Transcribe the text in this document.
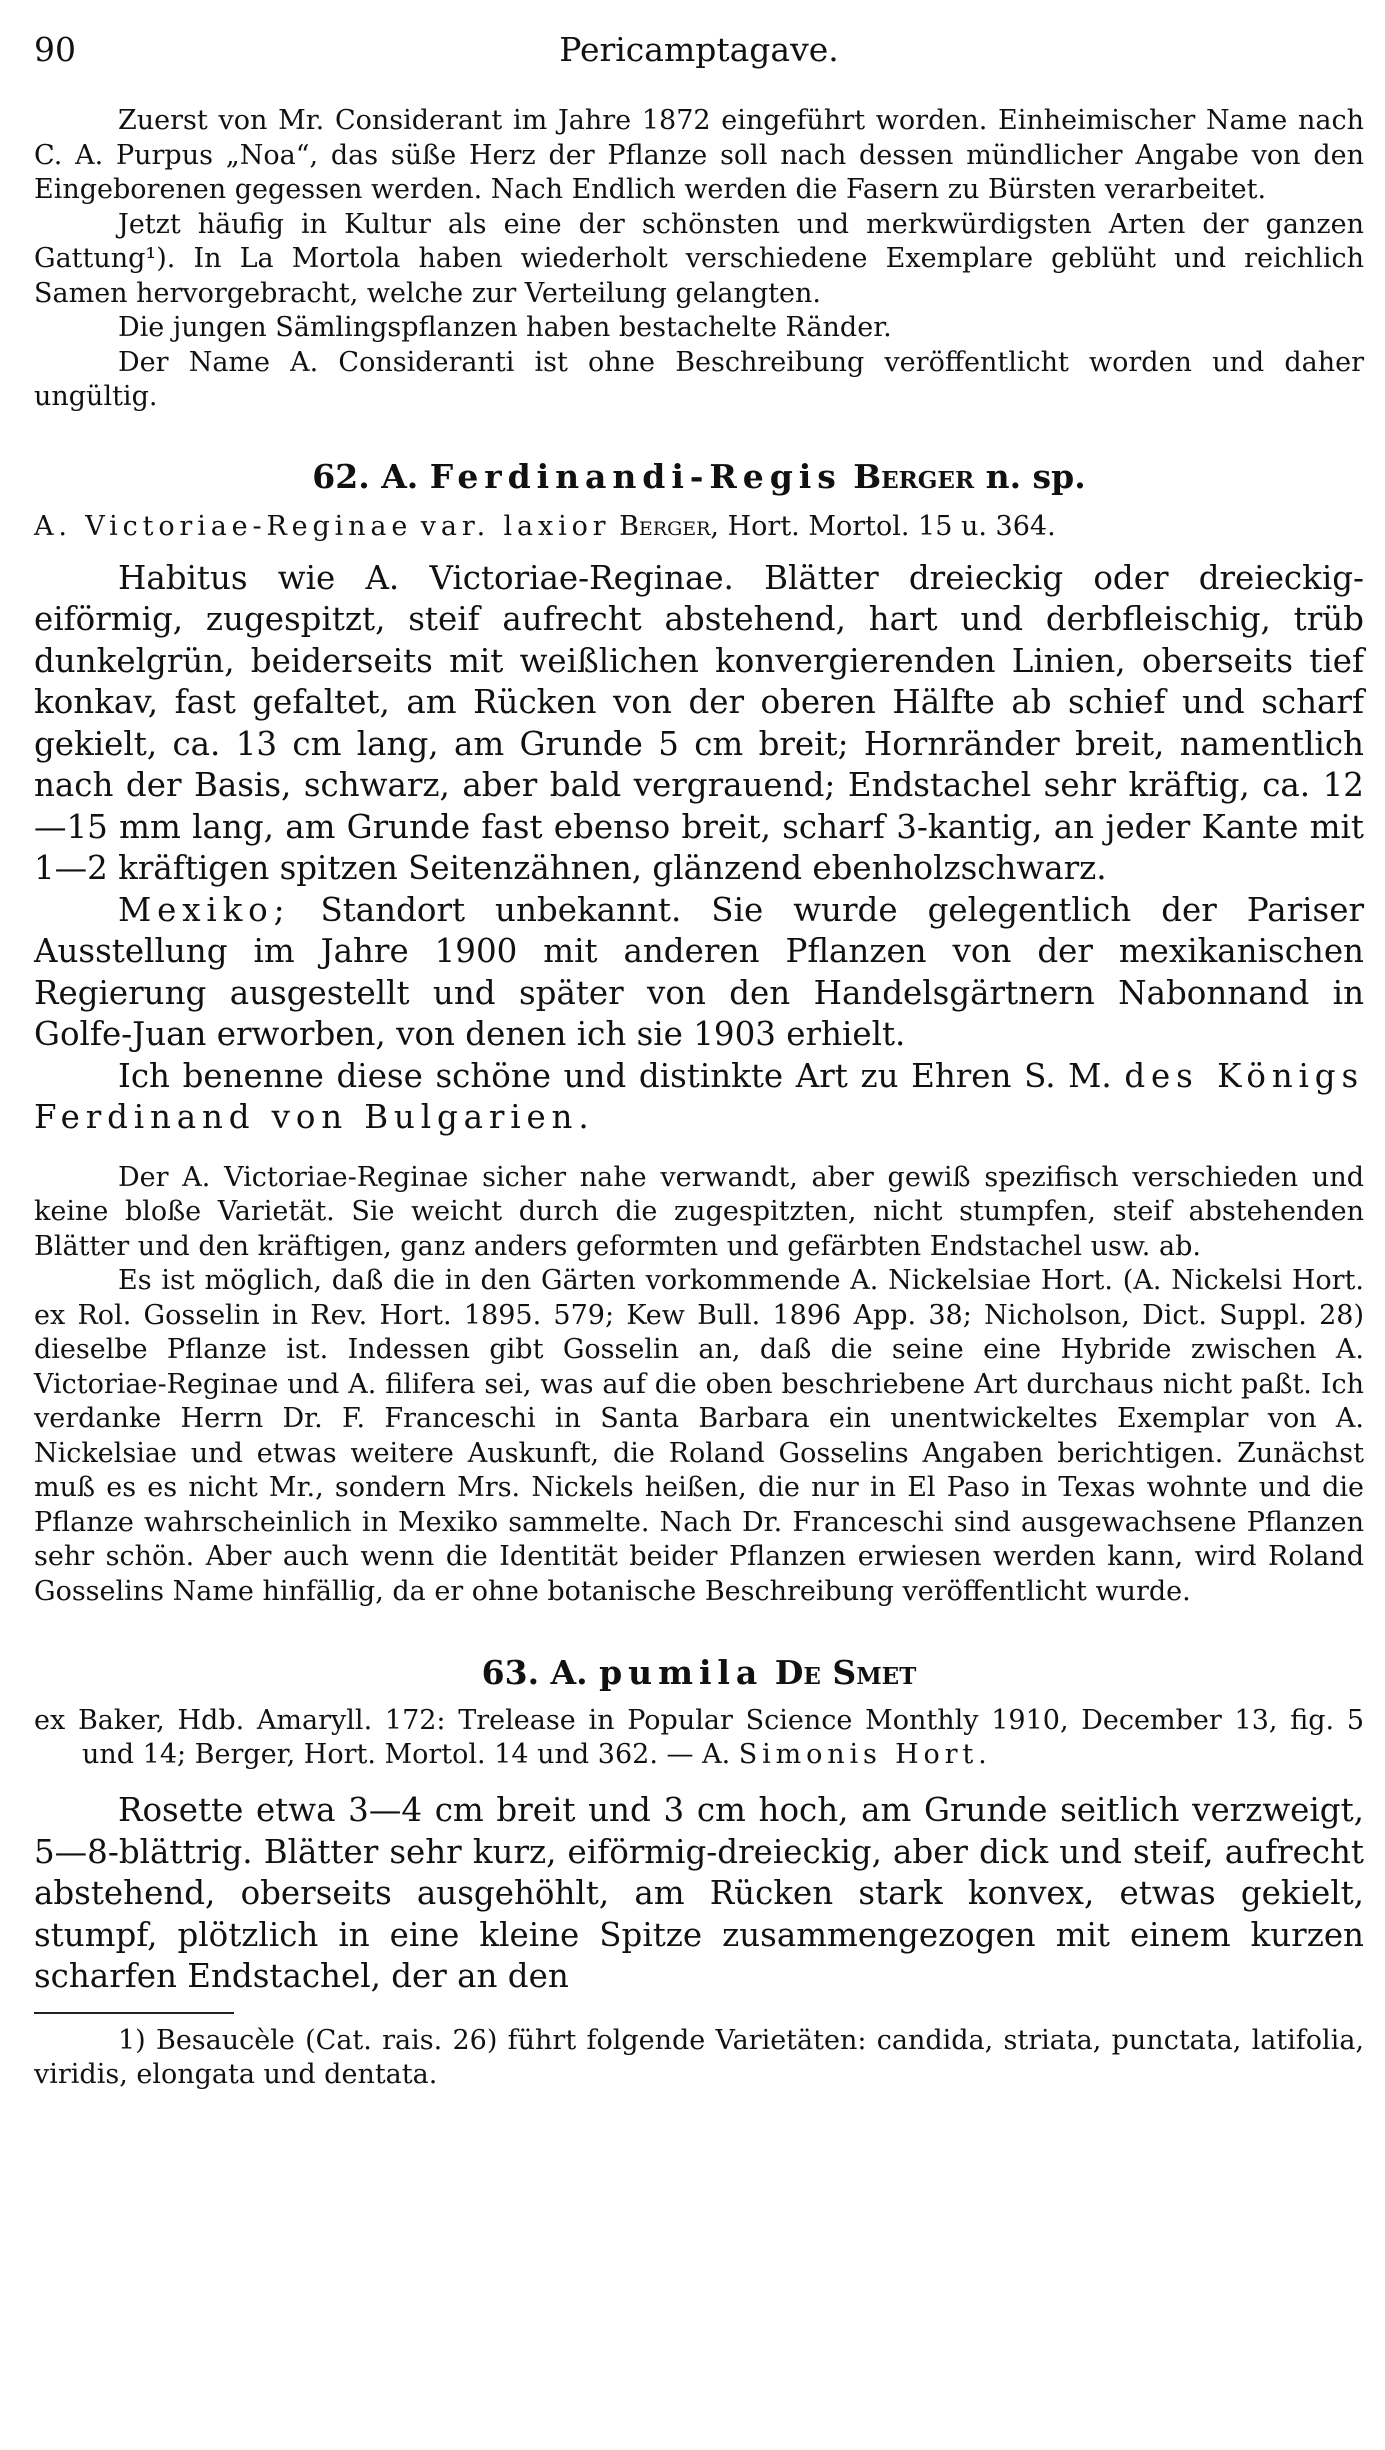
90	Pericamptagave.

Zuerst von Mr. Considerant im Jahre 1872 eingeführt worden. Einheimischer Name nach C. A. Purpus „Noa“, das süße Herz der Pflanze soll nach dessen mündlicher Angabe von den Eingeborenen gegessen werden. Nach Endlich werden die Fasern zu Bürsten verarbeitet.

Jetzt häufig in Kultur als eine der schönsten und merkwürdigsten Arten der ganzen Gattung¹). In La Mortola haben wiederholt verschiedene Exemplare geblüht und reichlich Samen hervorgebracht, welche zur Verteilung gelangten.

Die jungen Sämlingspflanzen haben bestachelte Ränder.

Der Name A. Consideranti ist ohne Beschreibung veröffentlicht worden und daher ungültig.

62. A. Ferdinandi-Regis Berger n. sp.

A. Victoriae-Reginae var. laxior Berger, Hort. Mortol. 15 u. 364.

Habitus wie A. Victoriae-Reginae. Blätter dreieckig oder dreieckig-eiförmig, zugespitzt, steif aufrecht abstehend, hart und derbfleischig, trüb dunkelgrün, beiderseits mit weißlichen konvergierenden Linien, oberseits tief konkav, fast gefaltet, am Rücken von der oberen Hälfte ab schief und scharf gekielt, ca. 13 cm lang, am Grunde 5 cm breit; Hornränder breit, namentlich nach der Basis, schwarz, aber bald vergrauend; Endstachel sehr kräftig, ca. 12—15 mm lang, am Grunde fast ebenso breit, scharf 3-kantig, an jeder Kante mit 1—2 kräftigen spitzen Seitenzähnen, glänzend ebenholzschwarz.

Mexiko; Standort unbekannt. Sie wurde gelegentlich der Pariser Ausstellung im Jahre 1900 mit anderen Pflanzen von der mexikanischen Regierung ausgestellt und später von den Handelsgärtnern Nabonnand in Golfe-Juan erworben, von denen ich sie 1903 erhielt.

Ich benenne diese schöne und distinkte Art zu Ehren S. M. des Königs Ferdinand von Bulgarien.

Der A. Victoriae-Reginae sicher nahe verwandt, aber gewiß spezifisch verschieden und keine bloße Varietät. Sie weicht durch die zugespitzten, nicht stumpfen, steif abstehenden Blätter und den kräftigen, ganz anders geformten und gefärbten Endstachel usw. ab.

Es ist möglich, daß die in den Gärten vorkommende A. Nickelsiae Hort. (A. Nickelsi Hort. ex Rol. Gosselin in Rev. Hort. 1895. 579; Kew Bull. 1896 App. 38; Nicholson, Dict. Suppl. 28) dieselbe Pflanze ist. Indessen gibt Gosselin an, daß die seine eine Hybride zwischen A. Victoriae-Reginae und A. filifera sei, was auf die oben beschriebene Art durchaus nicht paßt. Ich verdanke Herrn Dr. F. Franceschi in Santa Barbara ein unentwickeltes Exemplar von A. Nickelsiae und etwas weitere Auskunft, die Roland Gosselins Angaben berichtigen. Zunächst muß es es nicht Mr., sondern Mrs. Nickels heißen, die nur in El Paso in Texas wohnte und die Pflanze wahrscheinlich in Mexiko sammelte. Nach Dr. Franceschi sind ausgewachsene Pflanzen sehr schön. Aber auch wenn die Identität beider Pflanzen erwiesen werden kann, wird Roland Gosselins Name hinfällig, da er ohne botanische Beschreibung veröffentlicht wurde.

63. A. pumila De Smet

ex Baker, Hdb. Amaryll. 172: Trelease in Popular Science Monthly 1910, December 13, fig. 5 und 14; Berger, Hort. Mortol. 14 und 362. — A. Simonis Hort.

Rosette etwa 3—4 cm breit und 3 cm hoch, am Grunde seitlich verzweigt, 5—8-blättrig. Blätter sehr kurz, eiförmig-dreieckig, aber dick und steif, aufrecht abstehend, oberseits ausgehöhlt, am Rücken stark konvex, etwas gekielt, stumpf, plötzlich in eine kleine Spitze zusammengezogen mit einem kurzen scharfen Endstachel, der an den

1) Besaucèle (Cat. rais. 26) führt folgende Varietäten: candida, striata, punctata, latifolia, viridis, elongata und dentata.
